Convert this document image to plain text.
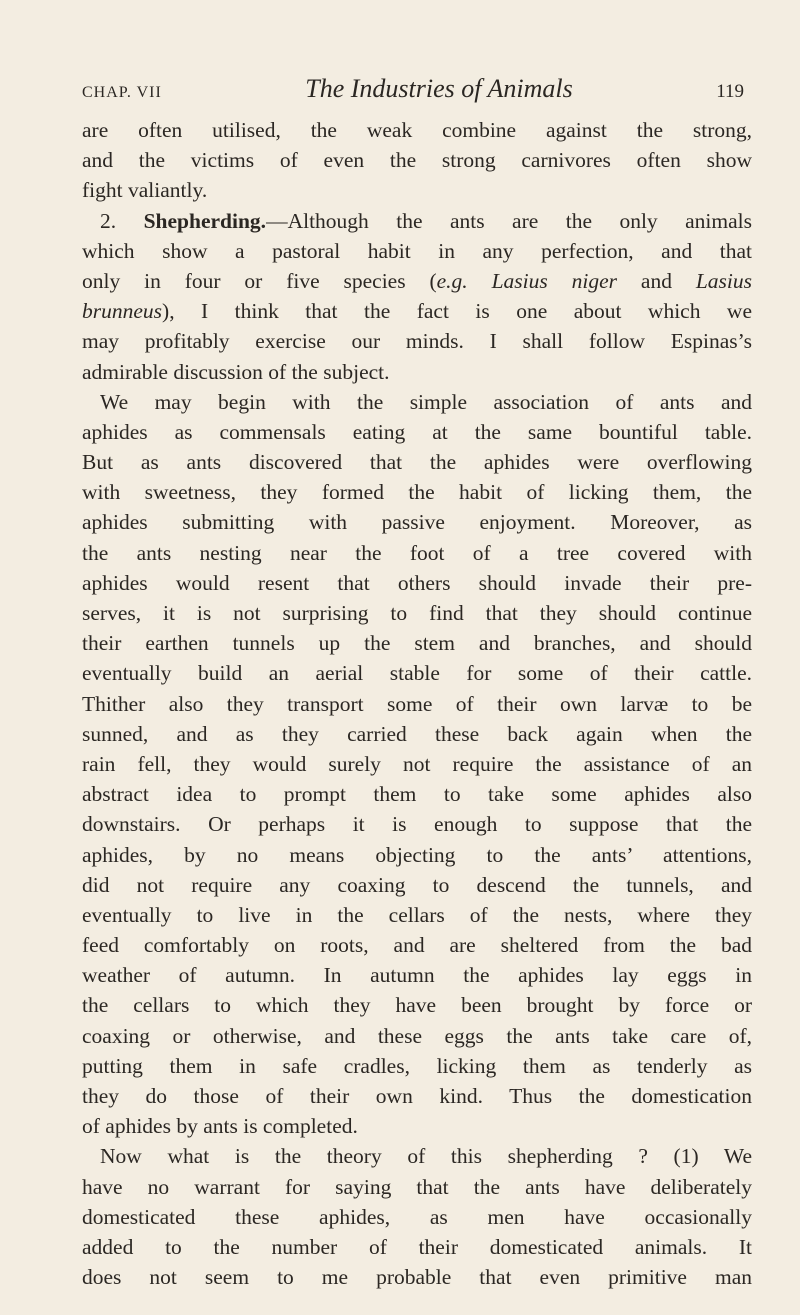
CHAP. VII	The Industries of Animals	119
are often utilised, the weak combine against the strong,
and the victims of even the strong carnivores often show
fight valiantly.
2. Shepherding.—Although the ants are the only animals
which show a pastoral habit in any perfection, and that
only in four or five species (e.g. Lasius niger and Lasius
brunneus), I think that the fact is one about which we
may profitably exercise our minds. I shall follow Espinas’s
admirable discussion of the subject.
We may begin with the simple association of ants and
aphides as commensals eating at the same bountiful table.
But as ants discovered that the aphides were overflowing
with sweetness, they formed the habit of licking them, the
aphides submitting with passive enjoyment. Moreover, as
the ants nesting near the foot of a tree covered with
aphides would resent that others should invade their pre-
serves, it is not surprising to find that they should continue
their earthen tunnels up the stem and branches, and should
eventually build an aerial stable for some of their cattle.
Thither also they transport some of their own larvæ to be
sunned, and as they carried these back again when the
rain fell, they would surely not require the assistance of an
abstract idea to prompt them to take some aphides also
downstairs. Or perhaps it is enough to suppose that the
aphides, by no means objecting to the ants’ attentions,
did not require any coaxing to descend the tunnels, and
eventually to live in the cellars of the nests, where they
feed comfortably on roots, and are sheltered from the bad
weather of autumn. In autumn the aphides lay eggs in
the cellars to which they have been brought by force or
coaxing or otherwise, and these eggs the ants take care of,
putting them in safe cradles, licking them as tenderly as
they do those of their own kind. Thus the domestication
of aphides by ants is completed.
Now what is the theory of this shepherding ? (1) We
have no warrant for saying that the ants have deliberately
domesticated these aphides, as men have occasionally
added to the number of their domesticated animals. It
does not seem to me probable that even primitive man
